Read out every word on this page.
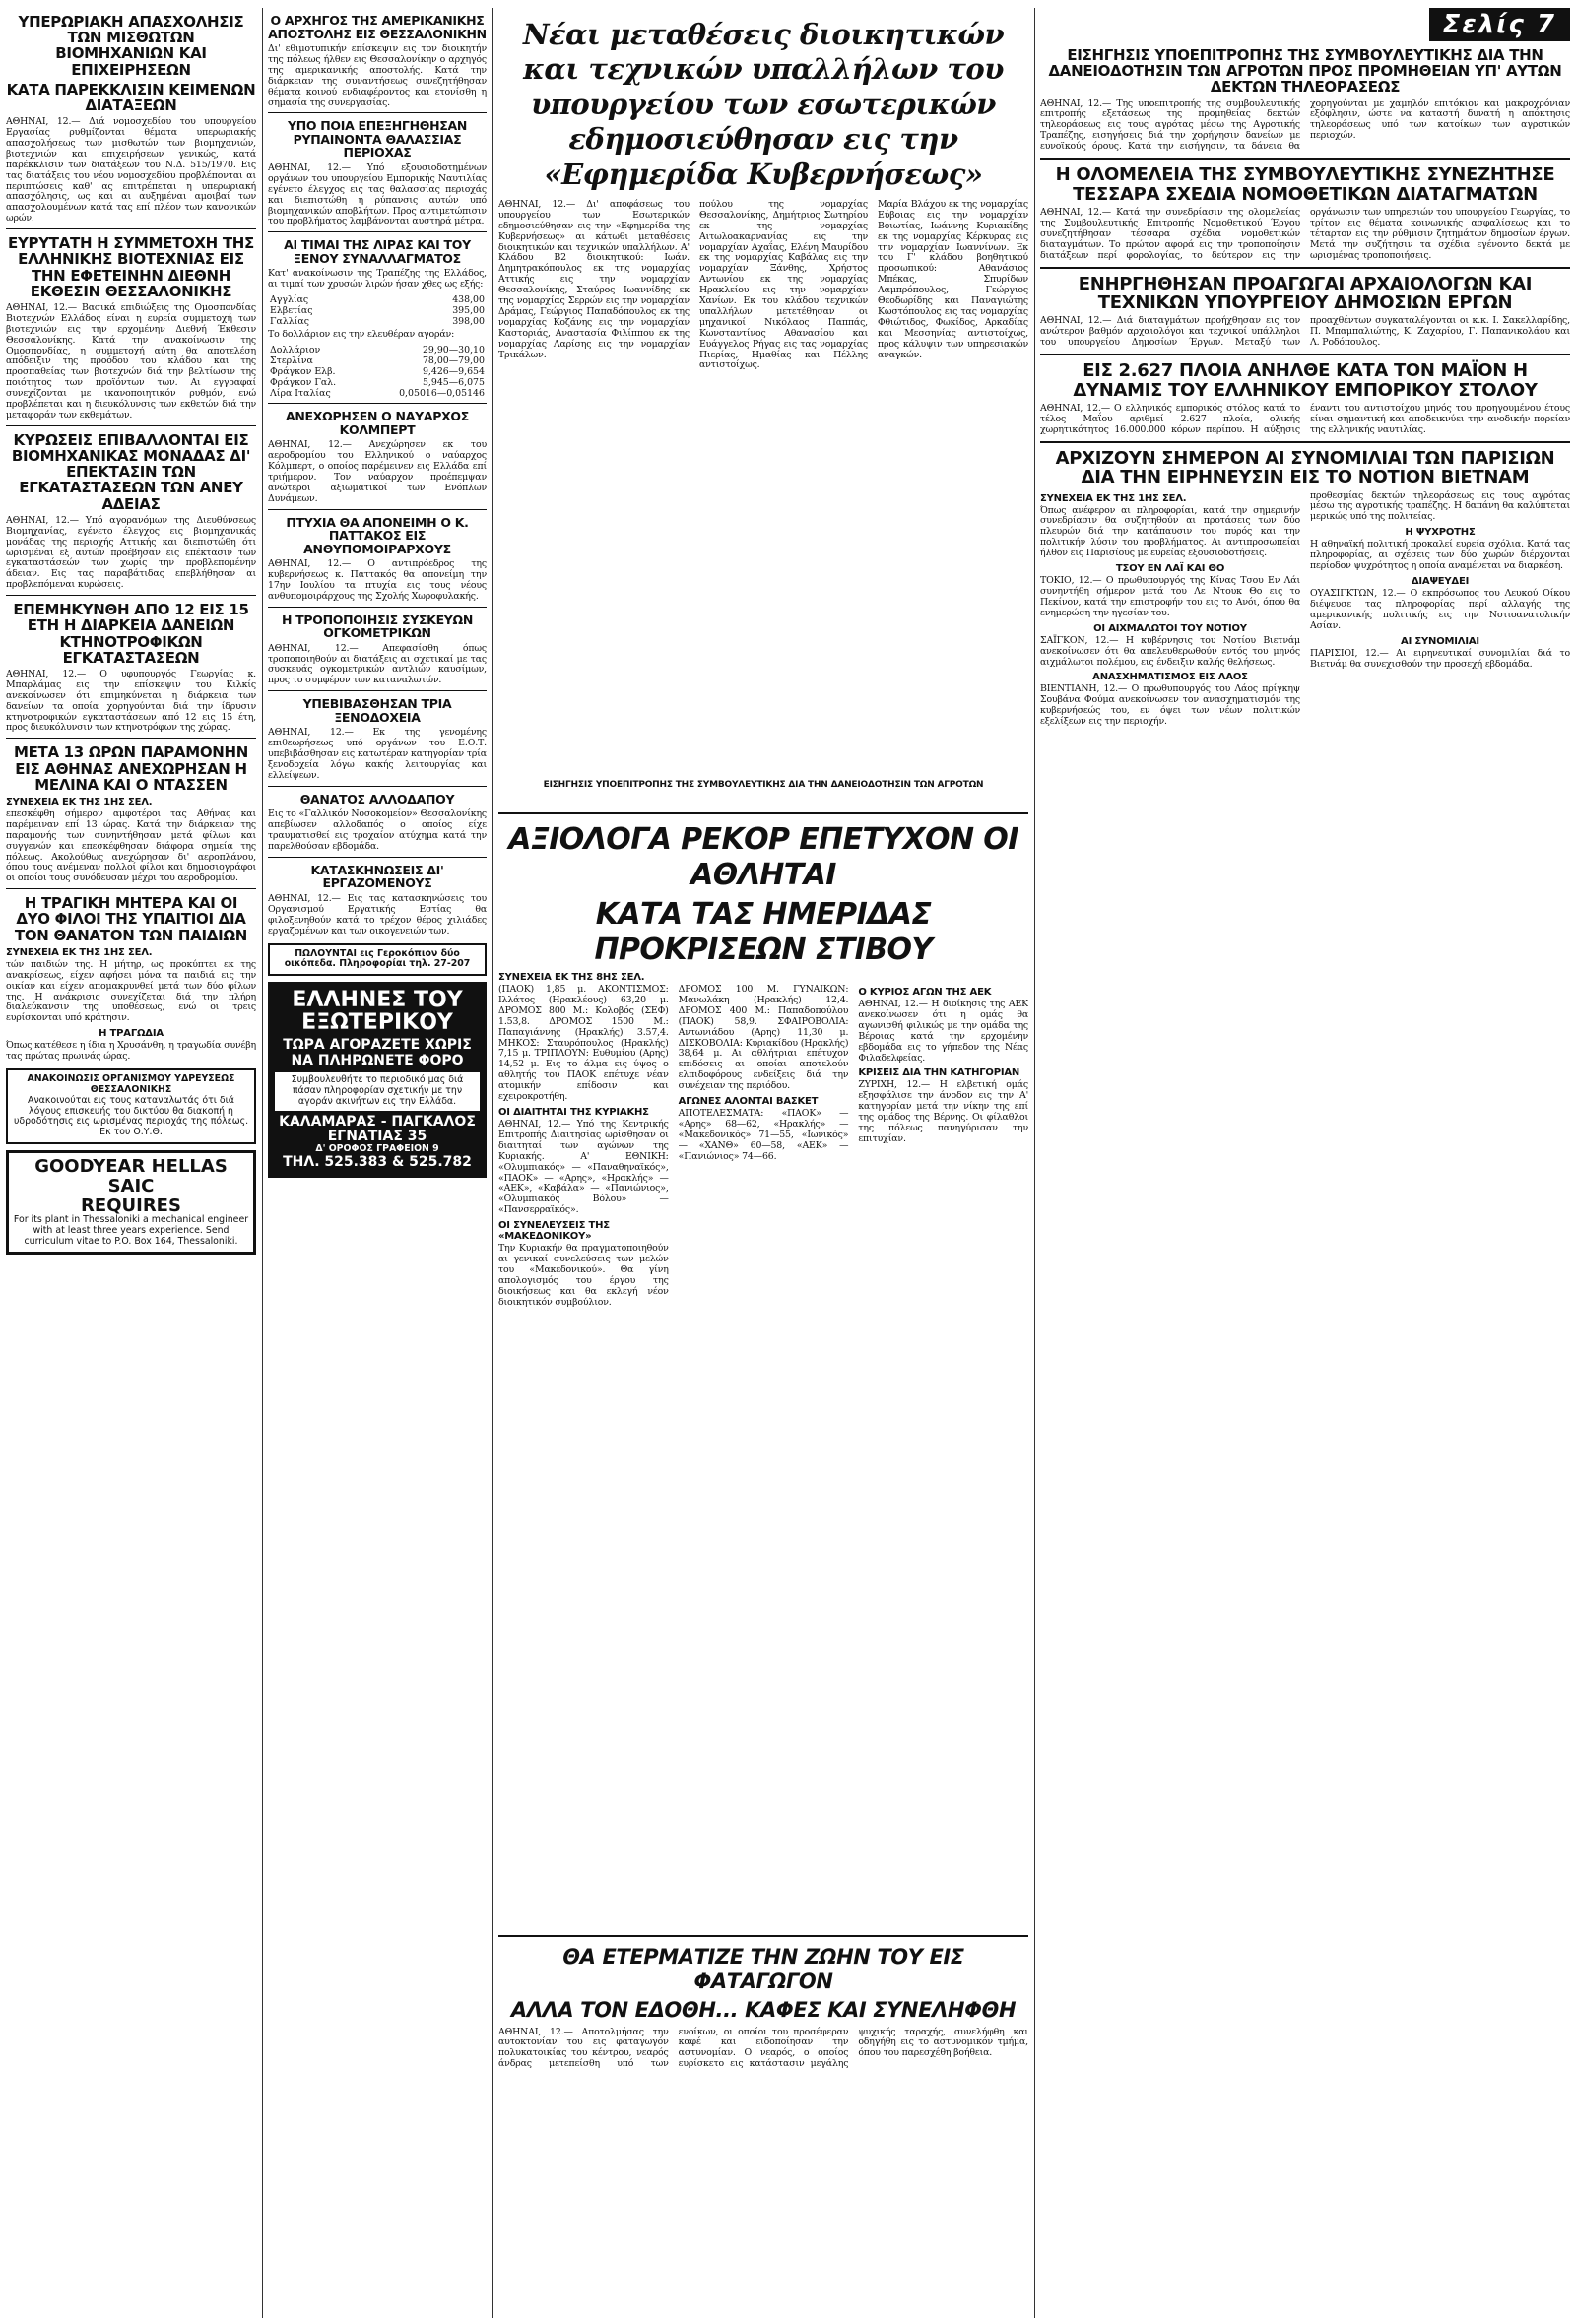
ΥΠΕΡΩΡΙΑΚΗ ΑΠΑΣΧΟΛΗΣΙΣ ΤΩΝ ΜΙΣΘΩΤΩΝ ΒΙΟΜΗΧΑΝΙΩΝ ΚΑΙ ΕΠΙΧΕΙΡΗΣΕΩΝ
ΚΑΤΑ ΠΑΡΕΚΚΛΙΣΙΝ ΚΕΙΜΕΝΩΝ ΔΙΑΤΑΞΕΩΝ

ΑΘΗΝΑΙ, 12.— Διά νομοσχεδίου του υπουργείου Εργασίας ρυθμίζονται θέματα υπερωριακής απασχολήσεως των μισθωτών των βιομηχανιών, βιοτεχνιών και επιχειρήσεων γενικώς, κατά παρέκκλισιν των διατάξεων του Ν.Δ. 515/1970. Εις τας διατάξεις του νέου νομοσχεδίου προβλέπονται αι περιπτώσεις καθ' ας επιτρέπεται η υπερωριακή απασχόλησις, ως και αι αυξημέναι αμοιβαί των απασχολουμένων κατά τας επί πλέον των κανονικών ωρών.

ΕΥΡΥΤΑΤΗ Η ΣΥΜΜΕΤΟΧΗ ΤΗΣ ΕΛΛΗΝΙΚΗΣ ΒΙΟΤΕΧΝΙΑΣ ΕΙΣ ΤΗΝ ΕΦΕΤΕΙΝΗΝ ΔΙΕΘΝΗ ΕΚΘΕΣΙΝ ΘΕΣΣΑΛΟΝΙΚΗΣ

ΑΘΗΝΑΙ, 12.— Βασικά επιδιώξεις της Ομοσπονδίας Βιοτεχνών Ελλάδος είναι η ευρεία συμμετοχή των βιοτεχνιών εις την ερχομένην Διεθνή Έκθεσιν Θεσσαλονίκης. Κατά την ανακοίνωσιν της Ομοσπονδίας, η συμμετοχή αύτη θα αποτελέση απόδειξιν της προόδου του κλάδου και της προσπαθείας των βιοτεχνών διά την βελτίωσιν της ποιότητος των προϊόντων των. Αι εγγραφαί συνεχίζονται με ικανοποιητικόν ρυθμόν, ενώ προβλέπεται και η διευκόλυνσις των εκθετών διά την μεταφοράν των εκθεμάτων.

ΚΥΡΩΣΕΙΣ ΕΠΙΒΑΛΛΟΝΤΑΙ ΕΙΣ ΒΙΟΜΗΧΑΝΙΚΑΣ ΜΟΝΑΔΑΣ ΔΙ' ΕΠΕΚΤΑΣΙΝ ΤΩΝ ΕΓΚΑΤΑΣΤΑΣΕΩΝ ΤΩΝ ΑΝΕΥ ΑΔΕΙΑΣ

ΑΘΗΝΑΙ, 12.— Υπό αγορανόμων της Διευθύνσεως Βιομηχανίας, εγένετο έλεγχος εις βιομηχανικάς μονάδας της περιοχής Αττικής και διεπιστώθη ότι ωρισμέναι εξ αυτών προέβησαν εις επέκτασιν των εγκαταστάσεών των χωρίς την προβλεπομένην άδειαν. Εις τας παραβάτιδας επεβλήθησαν αι προβλεπόμεναι κυρώσεις.

ΕΠΕΜΗΚΥΝΘΗ ΑΠΟ 12 ΕΙΣ 15 ΕΤΗ Η ΔΙΑΡΚΕΙΑ ΔΑΝΕΙΩΝ ΚΤΗΝΟΤΡΟΦΙΚΩΝ ΕΓΚΑΤΑΣΤΑΣΕΩΝ

ΑΘΗΝΑΙ, 12.— Ο υφυπουργός Γεωργίας κ. Μπαρλάμας εις την επίσκεψιν του Κιλκίς ανεκοίνωσεν ότι επιμηκύνεται η διάρκεια των δανείων τα οποία χορηγούνται διά την ίδρυσιν κτηνοτροφικών εγκαταστάσεων από 12 εις 15 έτη, προς διευκόλυνσιν των κτηνοτρόφων της χώρας.

ΜΕΤΑ 13 ΩΡΩΝ ΠΑΡΑΜΟΝΗΝ ΕΙΣ ΑΘΗΝΑΣ ΑΝΕΧΩΡΗΣΑΝ Η ΜΕΛΙΝΑ ΚΑΙ Ο ΝΤΑΣΣΕΝ
ΣΥΝΕΧΕΙΑ ΕΚ ΤΗΣ 1ΗΣ ΣΕΛ.

επεσκέφθη σήμερον αμφοτέροι τας Αθήνας και παρέμειναν επί 13 ώρας. Κατά την διάρκειαν της παραμονής των συνηντήθησαν μετά φίλων και συγγενών και επεσκέφθησαν διάφορα σημεία της πόλεως. Ακολούθως ανεχώρησαν δι' αεροπλάνου, όπου τους ανέμεναν πολλοί φίλοι και δημοσιογράφοι οι οποίοι τους συνόδευσαν μέχρι του αεροδρομίου.

Η ΤΡΑΓΙΚΗ ΜΗΤΕΡΑ ΚΑΙ ΟΙ ΔΥΟ ΦΙΛΟΙ ΤΗΣ ΥΠΑΙΤΙΟΙ ΔΙΑ ΤΟΝ ΘΑΝΑΤΟΝ ΤΩΝ ΠΑΙΔΙΩΝ
ΣΥΝΕΧΕΙΑ ΕΚ ΤΗΣ 1ΗΣ ΣΕΛ.

τών παιδιών της. Η μήτηρ, ως προκύπτει εκ της ανακρίσεως, είχεν αφήσει μόνα τα παιδιά εις την οικίαν και είχεν απομακρυνθεί μετά των δύο φίλων της. Η ανάκρισις συνεχίζεται διά την πλήρη διαλεύκανσιν της υποθέσεως, ενώ οι τρεις ευρίσκονται υπό κράτησιν.

Η ΤΡΑΓΩΔΙΑ

Όπως κατέθεσε η ίδια η Χρυσάνθη, η τραγωδία συνέβη τας πρώτας πρωινάς ώρας.

ΑΝΑΚΟΙΝΩΣΙΣ ΟΡΓΑΝΙΣΜΟΥ ΥΔΡΕΥΣΕΩΣ ΘΕΣΣΑΛΟΝΙΚΗΣ
Ανακοινούται εις τους καταναλωτάς ότι διά λόγους επισκευής του δικτύου θα διακοπή η υδροδότησις εις ωρισμένας περιοχάς της πόλεως. Εκ του Ο.Υ.Θ.
GOODYEAR HELLAS
SAIC
REQUIRES
For its plant in Thessaloniki a mechanical engineer with at least three years experience. Send curriculum vitae to P.O. Box 164, Thessaloniki.
Ο ΑΡΧΗΓΟΣ ΤΗΣ ΑΜΕΡΙΚΑΝΙΚΗΣ ΑΠΟΣΤΟΛΗΣ ΕΙΣ ΘΕΣΣΑΛΟΝΙΚΗΝ

Δι' εθιμοτυπικήν επίσκεψιν εις τον διοικητήν της πόλεως ήλθεν εις Θεσσαλονίκην ο αρχηγός της αμερικανικής αποστολής. Κατά την διάρκειαν της συναντήσεως συνεζητήθησαν θέματα κοινού ενδιαφέροντος και ετονίσθη η σημασία της συνεργασίας.

ΥΠΟ ΠΟΙΑ ΕΠΕΞΗΓΗΘΗΣΑΝ ΡΥΠΑΙΝΟΝΤΑ ΘΑΛΑΣΣΙΑΣ ΠΕΡΙΟΧΑΣ

ΑΘΗΝΑΙ, 12.— Υπό εξουσιοδοτημένων οργάνων του υπουργείου Εμπορικής Ναυτιλίας εγένετο έλεγχος εις τας θαλασσίας περιοχάς και διεπιστώθη η ρύπανσις αυτών υπό βιομηχανικών αποβλήτων. Προς αντιμετώπισιν του προβλήματος λαμβάνονται αυστηρά μέτρα.

ΑΙ ΤΙΜΑΙ ΤΗΣ ΛΙΡΑΣ ΚΑΙ ΤΟΥ ΞΕΝΟΥ ΣΥΝΑΛΛΑΓΜΑΤΟΣ

Κατ' ανακοίνωσιν της Τραπέζης της Ελλάδος, αι τιμαί των χρυσών λιρών ήσαν χθες ως εξής:

Αγγλίας	438,00
Ελβετίας	395,00
Γαλλίας	398,00

Το δολλάριον εις την ελευθέραν αγοράν:

Δολλάριον	29,90—30,10
Στερλίνα	78,00—79,00
Φράγκον Ελβ.	9,426—9,654
Φράγκον Γαλ.	5,945—6,075
Λίρα Ιταλίας	0,05016—0,05146
ΑΝΕΧΩΡΗΣΕΝ Ο ΝΑΥΑΡΧΟΣ ΚΟΛΜΠΕΡΤ

ΑΘΗΝΑΙ, 12.— Ανεχώρησεν εκ του αεροδρομίου του Ελληνικού ο ναύαρχος Κόλμπερτ, ο οποίος παρέμεινεν εις Ελλάδα επί τριήμερον. Τον ναύαρχον προέπεμψαν ανώτεροι αξιωματικοί των Ενόπλων Δυνάμεων.

ΠΤΥΧΙΑ ΘΑ ΑΠΟΝΕΙΜΗ Ο Κ. ΠΑΤΤΑΚΟΣ ΕΙΣ ΑΝΘΥΠΟΜΟΙΡΑΡΧΟΥΣ

ΑΘΗΝΑΙ, 12.— Ο αντιπρόεδρος της κυβερνήσεως κ. Παττακός θα απονείμη την 17ην Ιουλίου τα πτυχία εις τους νέους ανθυπομοιράρχους της Σχολής Χωροφυλακής.

Η ΤΡΟΠΟΠΟΙΗΣΙΣ ΣΥΣΚΕΥΩΝ ΟΓΚΟΜΕΤΡΙΚΩΝ

ΑΘΗΝΑΙ, 12.— Απεφασίσθη όπως τροποποιηθούν αι διατάξεις αι σχετικαί με τας συσκευάς ογκομετρικών αντλιών καυσίμων, προς το συμφέρον των καταναλωτών.

ΥΠΕΒΙΒΑΣΘΗΣΑΝ ΤΡΙΑ ΞΕΝΟΔΟΧΕΙΑ

ΑΘΗΝΑΙ, 12.— Εκ της γενομένης επιθεωρήσεως υπό οργάνων του Ε.Ο.Τ. υπεβιβάσθησαν εις κατωτέραν κατηγορίαν τρία ξενοδοχεία λόγω κακής λειτουργίας και ελλείψεων.

ΘΑΝΑΤΟΣ ΑΛΛΟΔΑΠΟΥ

Εις το «Γαλλικόν Νοσοκομείον» Θεσσαλονίκης απεβίωσεν αλλοδαπός ο οποίος είχε τραυματισθεί εις τροχαίον ατύχημα κατά την παρελθούσαν εβδομάδα.

ΚΑΤΑΣΚΗΝΩΣΕΙΣ ΔΙ' ΕΡΓΑΖΟΜΕΝΟΥΣ

ΑΘΗΝΑΙ, 12.— Εις τας κατασκηνώσεις του Οργανισμού Εργατικής Εστίας θα φιλοξενηθούν κατά το τρέχον θέρος χιλιάδες εργαζομένων και των οικογενειών των.

ΠΩΛΟΥΝΤΑΙ εις Γεροκόπιον δύο οικόπεδα. Πληροφορίαι τηλ. 27-207
ΕΛΛΗΝΕΣ ΤΟΥ ΕΞΩΤΕΡΙΚΟΥ
ΤΩΡΑ ΑΓΟΡΑΖΕΤΕ ΧΩΡΙΣ ΝΑ ΠΛΗΡΩΝΕΤΕ ΦΟΡΟ
Συμβουλευθήτε το περιοδικό μας διά πάσαν πληροφορίαν σχετικήν με την αγοράν ακινήτων εις την Ελλάδα.
ΚΑΛΑΜΑΡΑΣ - ΠΑΓΚΑΛΟΣ
ΕΓΝΑΤΙΑΣ 35
Δ' ΟΡΟΦΟΣ ΓΡΑΦΕΙΟΝ 9
ΤΗΛ. 525.383 & 525.782
Νέαι μεταθέσεις διοικητικών και τεχνικών υπαλλήλων του υπουργείου των εσωτερικών εδημοσιεύθησαν εις την «Εφημερίδα Κυβερνήσεως»

ΑΘΗΝΑΙ, 12.— Δι' αποφάσεως του υπουργείου των Εσωτερικών εδημοσιεύθησαν εις την «Εφημερίδα της Κυβερνήσεως» αι κάτωθι μεταθέσεις διοικητικών και τεχνικών υπαλλήλων. Α' Κλάδου Β2 διοικητικού: Ιωάν. Δημητρακόπουλος εκ της νομαρχίας Αττικής εις την νομαρχίαν Θεσσαλονίκης, Σταύρος Ιωαννίδης εκ της νομαρχίας Σερρών εις την νομαρχίαν Δράμας, Γεώργιος Παπαδόπουλος εκ της νομαρχίας Κοζάνης εις την νομαρχίαν Καστοριάς, Αναστασία Φιλίππου εκ της νομαρχίας Λαρίσης εις την νομαρχίαν Τρικάλων.

πούλου της νομαρχίας Θεσσαλονίκης, Δημήτριος Σωτηρίου εκ της νομαρχίας Αιτωλοακαρνανίας εις την νομαρχίαν Αχαΐας, Ελένη Μαυρίδου εκ της νομαρχίας Καβάλας εις την νομαρχίαν Ξάνθης, Χρήστος Αντωνίου εκ της νομαρχίας Ηρακλείου εις την νομαρχίαν Χανίων. Εκ του κλάδου τεχνικών υπαλλήλων μετετέθησαν οι μηχανικοί Νικόλαος Παππάς, Κωνσταντίνος Αθανασίου και Ευάγγελος Ρήγας εις τας νομαρχίας Πιερίας, Ημαθίας και Πέλλης αντιστοίχως.

Μαρία Βλάχου εκ της νομαρχίας Εύβοιας εις την νομαρχίαν Βοιωτίας, Ιωάννης Κυριακίδης εκ της νομαρχίας Κέρκυρας εις την νομαρχίαν Ιωαννίνων. Εκ του Γ' κλάδου βοηθητικού προσωπικού: Αθανάσιος Μπέκας, Σπυρίδων Λαμπρόπουλος, Γεώργιος Θεοδωρίδης και Παναγιώτης Κωστόπουλος εις τας νομαρχίας Φθιώτιδος, Φωκίδος, Αρκαδίας και Μεσσηνίας αντιστοίχως, προς κάλυψιν των υπηρεσιακών αναγκών.

ΑΞΙΟΛΟΓΑ ΡΕΚΟΡ ΕΠΕΤΥΧΟΝ ΟΙ ΑΘΛΗΤΑΙ
ΚΑΤΑ ΤΑΣ ΗΜΕΡΙΔΑΣ ΠΡΟΚΡΙΣΕΩΝ ΣΤΙΒΟΥ
ΣΥΝΕΧΕΙΑ ΕΚ ΤΗΣ 8ΗΣ ΣΕΛ.

(ΠΑΟΚ) 1,85 μ. ΑΚΟΝΤΙΣΜΟΣ: Ιλλάτος (Ηρακλέους) 63,20 μ. ΔΡΟΜΟΣ 800 Μ.: Κολοβός (ΣΕΦ) 1.53,8. ΔΡΟΜΟΣ 1500 Μ.: Παπαγιάννης (Ηρακλής) 3.57,4. ΜΗΚΟΣ: Σταυρόπουλος (Ηρακλής) 7,15 μ. ΤΡΙΠΛΟΥΝ: Ευθυμίου (Αρης) 14,52 μ. Εις το άλμα εις ύψος ο αθλητής του ΠΑΟΚ επέτυχε νέαν ατομικήν επίδοσιν και εχειροκροτήθη.

ΟΙ ΔΙΑΙΤΗΤΑΙ ΤΗΣ ΚΥΡΙΑΚΗΣ

ΑΘΗΝΑΙ, 12.— Υπό της Κεντρικής Επιτροπής Διαιτησίας ωρίσθησαν οι διαιτηταί των αγώνων της Κυριακής. Α' ΕΘΝΙΚΗ: «Ολυμπιακός» — «Παναθηναϊκός», «ΠΑΟΚ» — «Αρης», «Ηρακλής» — «ΑΕΚ», «Καβάλα» — «Πανιώνιος», «Ολυμπιακός Βόλου» — «Πανσερραϊκός».

ΟΙ ΣΥΝΕΛΕΥΣΕΙΣ ΤΗΣ «ΜΑΚΕΔΟΝΙΚΟΥ»

Την Κυριακήν θα πραγματοποιηθούν αι γενικαί συνελεύσεις των μελών του «Μακεδονικού». Θα γίνη απολογισμός του έργου της διοικήσεως και θα εκλεγή νέον διοικητικόν συμβούλιον.

ΔΡΟΜΟΣ 100 Μ. ΓΥΝΑΙΚΩΝ: Μανωλάκη (Ηρακλής) 12,4. ΔΡΟΜΟΣ 400 Μ.: Παπαδοπούλου (ΠΑΟΚ) 58,9. ΣΦΑΙΡΟΒΟΛΙΑ: Αντωνιάδου (Αρης) 11,30 μ. ΔΙΣΚΟΒΟΛΙΑ: Κυριακίδου (Ηρακλής) 38,64 μ. Αι αθλήτριαι επέτυχον επιδόσεις αι οποίαι αποτελούν ελπιδοφόρους ενδείξεις διά την συνέχειαν της περιόδου.

ΑΓΩΝΕΣ ΑΛΟΝΤΑΙ ΒΑΣΚΕΤ

ΑΠΟΤΕΛΕΣΜΑΤΑ: «ΠΑΟΚ» — «Αρης» 68—62, «Ηρακλής» — «Μακεδονικός» 71—55, «Ιωνικός» — «ΧΑΝΘ» 60—58, «ΑΕΚ» — «Πανιώνιος» 74—66.

Ο ΚΥΡΙΟΣ ΑΓΩΝ ΤΗΣ ΑΕΚ

ΑΘΗΝΑΙ, 12.— Η διοίκησις της ΑΕΚ ανεκοίνωσεν ότι η ομάς θα αγωνισθή φιλικώς με την ομάδα της Βέροιας κατά την ερχομένην εβδομάδα εις το γήπεδον της Νέας Φιλαδελφείας.

ΚΡΙΣΕΙΣ ΔΙΑ ΤΗΝ ΚΑΤΗΓΟΡΙΑΝ

ΖΥΡΙΧΗ, 12.— Η ελβετική ομάς εξησφάλισε την άνοδον εις την Α' κατηγορίαν μετά την νίκην της επί της ομάδος της Βέρνης. Οι φίλαθλοι της πόλεως πανηγύρισαν την επιτυχίαν.

ΘΑ ΕΤΕΡΜΑΤΙΖΕ ΤΗΝ ΖΩΗΝ ΤΟΥ ΕΙΣ ΦΑΤΑΓΩΓΟΝ
ΑΛΛΑ ΤΟΝ ΕΔΟΘΗ... ΚΑΦΕΣ ΚΑΙ ΣΥΝΕΛΗΦΘΗ

ΑΘΗΝΑΙ, 12.— Αποτολμήσας την αυτοκτονίαν του εις φαταγωγόν πολυκατοικίας του κέντρου, νεαρός άνδρας μετεπείσθη υπό των ενοίκων, οι οποίοι του προσέφεραν καφέ και ειδοποίησαν την αστυνομίαν. Ο νεαρός, ο οποίος ευρίσκετο εις κατάστασιν μεγάλης ψυχικής ταραχής, συνελήφθη και οδηγήθη εις το αστυνομικόν τμήμα, όπου του παρεσχέθη βοήθεια.

Σελίς 7
ΕΙΣΗΓΗΣΙΣ ΥΠΟΕΠΙΤΡΟΠΗΣ ΤΗΣ ΣΥΜΒΟΥΛΕΥΤΙΚΗΣ ΔΙΑ ΤΗΝ ΔΑΝΕΙΟΔΟΤΗΣΙΝ ΤΩΝ ΑΓΡΟΤΩΝ ΠΡΟΣ ΠΡΟΜΗΘΕΙΑΝ ΥΠ' ΑΥΤΩΝ ΔΕΚΤΩΝ ΤΗΛΕΟΡΑΣΕΩΣ

ΑΘΗΝΑΙ, 12.— Της υποεπιτροπής της συμβουλευτικής επιτροπής εξετάσεως της προμηθείας δεκτών τηλεοράσεως εις τους αγρότας μέσω της Αγροτικής Τραπέζης, εισηγήσεις διά την χορήγησιν δανείων με ευνοϊκούς όρους. Κατά την εισήγησιν, τα δάνεια θα χορηγούνται με χαμηλόν επιτόκιον και μακροχρόνιαν εξόφλησιν, ώστε να καταστή δυνατή η απόκτησις τηλεοράσεως υπό των κατοίκων των αγροτικών περιοχών.

Η ΟΛΟΜΕΛΕΙΑ ΤΗΣ ΣΥΜΒΟΥΛΕΥΤΙΚΗΣ ΣΥΝΕΖΗΤΗΣΕ ΤΕΣΣΑΡΑ ΣΧΕΔΙΑ ΝΟΜΟΘΕΤΙΚΩΝ ΔΙΑΤΑΓΜΑΤΩΝ

ΑΘΗΝΑΙ, 12.— Κατά την συνεδρίασιν της ολομελείας της Συμβουλευτικής Επιτροπής Νομοθετικού Έργου συνεζητήθησαν τέσσαρα σχέδια νομοθετικών διαταγμάτων. Το πρώτον αφορά εις την τροποποίησιν διατάξεων περί φορολογίας, το δεύτερον εις την οργάνωσιν των υπηρεσιών του υπουργείου Γεωργίας, το τρίτον εις θέματα κοινωνικής ασφαλίσεως και το τέταρτον εις την ρύθμισιν ζητημάτων δημοσίων έργων. Μετά την συζήτησιν τα σχέδια εγένοντο δεκτά με ωρισμένας τροποποιήσεις.

ΕΝΗΡΓΗΘΗΣΑΝ ΠΡΟΑΓΩΓΑΙ ΑΡΧΑΙΟΛΟΓΩΝ ΚΑΙ ΤΕΧΝΙΚΩΝ ΥΠΟΥΡΓΕΙΟΥ ΔΗΜΟΣΙΩΝ ΕΡΓΩΝ

ΑΘΗΝΑΙ, 12.— Διά διαταγμάτων προήχθησαν εις τον ανώτερον βαθμόν αρχαιολόγοι και τεχνικοί υπάλληλοι του υπουργείου Δημοσίων Έργων. Μεταξύ των προαχθέντων συγκαταλέγονται οι κ.κ. Ι. Σακελλαρίδης, Π. Μπαμπαλιώτης, Κ. Ζαχαρίου, Γ. Παπανικολάου και Λ. Ροδόπουλος.

ΕΙΣ 2.627 ΠΛΟΙΑ ΑΝΗΛΘΕ ΚΑΤΑ ΤΟΝ ΜΑΪΟΝ Η ΔΥΝΑΜΙΣ ΤΟΥ ΕΛΛΗΝΙΚΟΥ ΕΜΠΟΡΙΚΟΥ ΣΤΟΛΟΥ

ΑΘΗΝΑΙ, 12.— Ο ελληνικός εμπορικός στόλος κατά το τέλος Μαΐου αριθμεί 2.627 πλοία, ολικής χωρητικότητος 16.000.000 κόρων περίπου. Η αύξησις έναντι του αντιστοίχου μηνός του προηγουμένου έτους είναι σημαντική και αποδεικνύει την ανοδικήν πορείαν της ελληνικής ναυτιλίας.

ΑΡΧΙΖΟΥΝ ΣΗΜΕΡΟΝ ΑΙ ΣΥΝΟΜΙΛΙΑΙ ΤΩΝ ΠΑΡΙΣΙΩΝ ΔΙΑ ΤΗΝ ΕΙΡΗΝΕΥΣΙΝ ΕΙΣ ΤΟ ΝΟΤΙΟΝ ΒΙΕΤΝΑΜ
ΣΥΝΕΧΕΙΑ ΕΚ ΤΗΣ 1ΗΣ ΣΕΛ.

Όπως ανέφερον αι πληροφορίαι, κατά την σημερινήν συνεδρίασιν θα συζητηθούν αι προτάσεις των δύο πλευρών διά την κατάπαυσιν του πυρός και την πολιτικήν λύσιν του προβλήματος. Αι αντιπροσωπείαι ήλθον εις Παρισίους με ευρείας εξουσιοδοτήσεις.

ΤΣΟΥ ΕΝ ΛΑΪ ΚΑΙ ΘΟ

ΤΟΚΙΟ, 12.— Ο πρωθυπουργός της Κίνας Τσου Εν Λάι συνηντήθη σήμερον μετά του Λε Ντουκ Θο εις το Πεκίνον, κατά την επιστροφήν του εις το Ανόι, όπου θα ενημερώση την ηγεσίαν του.

ΟΙ ΑΙΧΜΑΛΩΤΟΙ ΤΟΥ ΝΟΤΙΟΥ

ΣΑΪΓΚΟΝ, 12.— Η κυβέρνησις του Νοτίου Βιετνάμ ανεκοίνωσεν ότι θα απελευθερωθούν εντός του μηνός αιχμάλωτοι πολέμου, εις ένδειξιν καλής θελήσεως.

ΑΝΑΣΧΗΜΑΤΙΣΜΟΣ ΕΙΣ ΛΑΟΣ

ΒΙΕΝΤΙΑΝΗ, 12.— Ο πρωθυπουργός του Λάος πρίγκηψ Σουβάνα Φούμα ανεκοίνωσεν τον ανασχηματισμόν της κυβερνήσεώς του, εν όψει των νέων πολιτικών εξελίξεων εις την περιοχήν.

προθεσμίας δεκτών τηλεοράσεως εις τους αγρότας μέσω της αγροτικής τραπέζης. Η δαπάνη θα καλύπτεται μερικώς υπό της πολιτείας.

Η ΨΥΧΡΟΤΗΣ

Η αθηναϊκή πολιτική προκαλεί ευρεία σχόλια. Κατά τας πληροφορίας, αι σχέσεις των δύο χωρών διέρχονται περίοδον ψυχρότητος η οποία αναμένεται να διαρκέση.

ΔΙΑΨΕΥΔΕΙ

ΟΥΑΣΙΓΚΤΩΝ, 12.— Ο εκπρόσωπος του Λευκού Οίκου διέψευσε τας πληροφορίας περί αλλαγής της αμερικανικής πολιτικής εις την Νοτιοανατολικήν Ασίαν.

ΑΙ ΣΥΝΟΜΙΛΙΑΙ

ΠΑΡΙΣΙΟΙ, 12.— Αι ειρηνευτικαί συνομιλίαι διά το Βιετνάμ θα συνεχισθούν την προσεχή εβδομάδα.

ΕΙΣΗΓΗΣΙΣ ΥΠΟΕΠΙΤΡΟΠΗΣ ΤΗΣ ΣΥΜΒΟΥΛΕΥΤΙΚΗΣ ΔΙΑ ΤΗΝ ΔΑΝΕΙΟΔΟΤΗΣΙΝ ΤΩΝ ΑΓΡΟΤΩΝ
